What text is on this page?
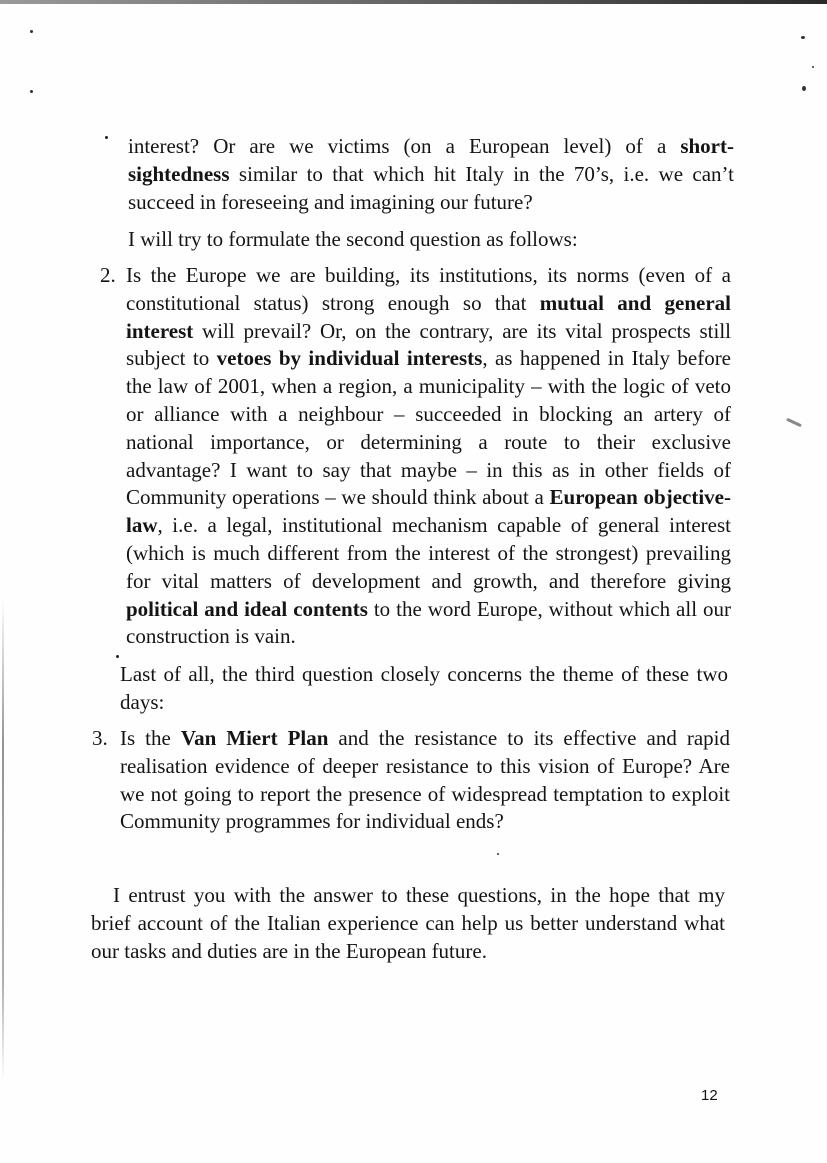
interest? Or are we victims (on a European level) of a short-sightedness similar to that which hit Italy in the 70’s, i.e. we can’t succeed in foreseeing and imagining our future?

I will try to formulate the second question as follows:

2. Is the Europe we are building, its institutions, its norms (even of a constitutional status) strong enough so that mutual and general interest will prevail? Or, on the contrary, are its vital prospects still subject to vetoes by individual interests, as happened in Italy before the law of 2001, when a region, a municipality – with the logic of veto or alliance with a neighbour – succeeded in blocking an artery of national importance, or determining a route to their exclusive advantage? I want to say that maybe – in this as in other fields of Community operations – we should think about a European objective-law, i.e. a legal, institutional mechanism capable of general interest (which is much different from the interest of the strongest) prevailing for vital matters of development and growth, and therefore giving political and ideal contents to the word Europe, without which all our construction is vain.

Last of all, the third question closely concerns the theme of these two days:

3. Is the Van Miert Plan and the resistance to its effective and rapid realisation evidence of deeper resistance to this vision of Europe? Are we not going to report the presence of widespread temptation to exploit Community programmes for individual ends?

I entrust you with the answer to these questions, in the hope that my brief account of the Italian experience can help us better understand what our tasks and duties are in the European future.

12
